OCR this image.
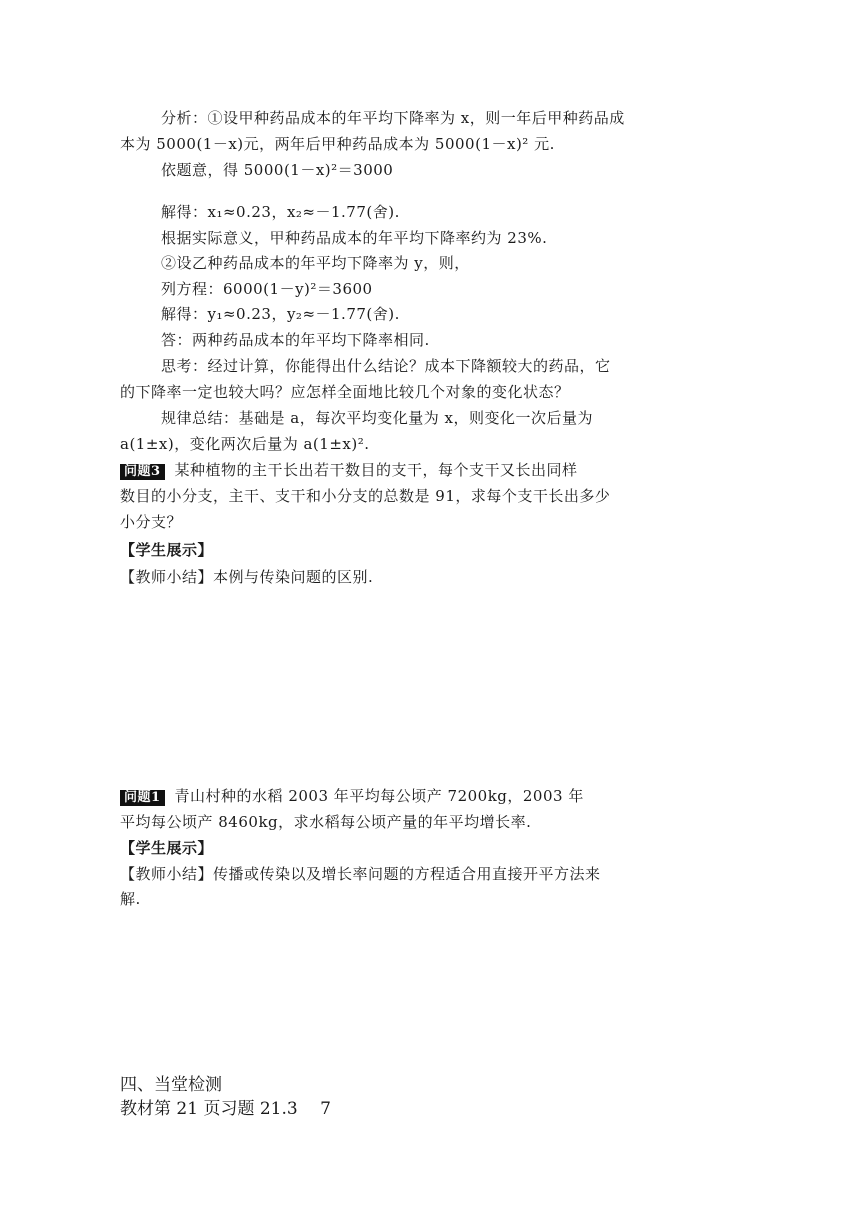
分析：①设甲种药品成本的年平均下降率为 x，则一年后甲种药品成
本为 5000(1－x)元，两年后甲种药品成本为 5000(1－x)² 元.
依题意，得 5000(1－x)²＝3000
解得：x₁≈0.23，x₂≈－1.77(舍).
根据实际意义，甲种药品成本的年平均下降率约为 23%.
②设乙种药品成本的年平均下降率为 y，则，
列方程：6000(1－y)²＝3600
解得：y₁≈0.23，y₂≈－1.77(舍).
答：两种药品成本的年平均下降率相同.
思考：经过计算，你能得出什么结论？成本下降额较大的药品，它
的下降率一定也较大吗？应怎样全面地比较几个对象的变化状态？
规律总结：基础是 a，每次平均变化量为 x，则变化一次后量为
a(1±x)，变化两次后量为 a(1±x)².
问题3 某种植物的主干长出若干数目的支干，每个支干又长出同样
数目的小分支，主干、支干和小分支的总数是 91，求每个支干长出多少
小分支？
【学生展示】
【教师小结】本例与传染问题的区别.
问题1 青山村种的水稻 2003 年平均每公顷产 7200kg，2003 年
平均每公顷产 8460kg，求水稻每公顷产量的年平均增长率.
【学生展示】
【教师小结】传播或传染以及增长率问题的方程适合用直接开平方法来
解.
四、当堂检测
教材第 21 页习题 21.3　 7
